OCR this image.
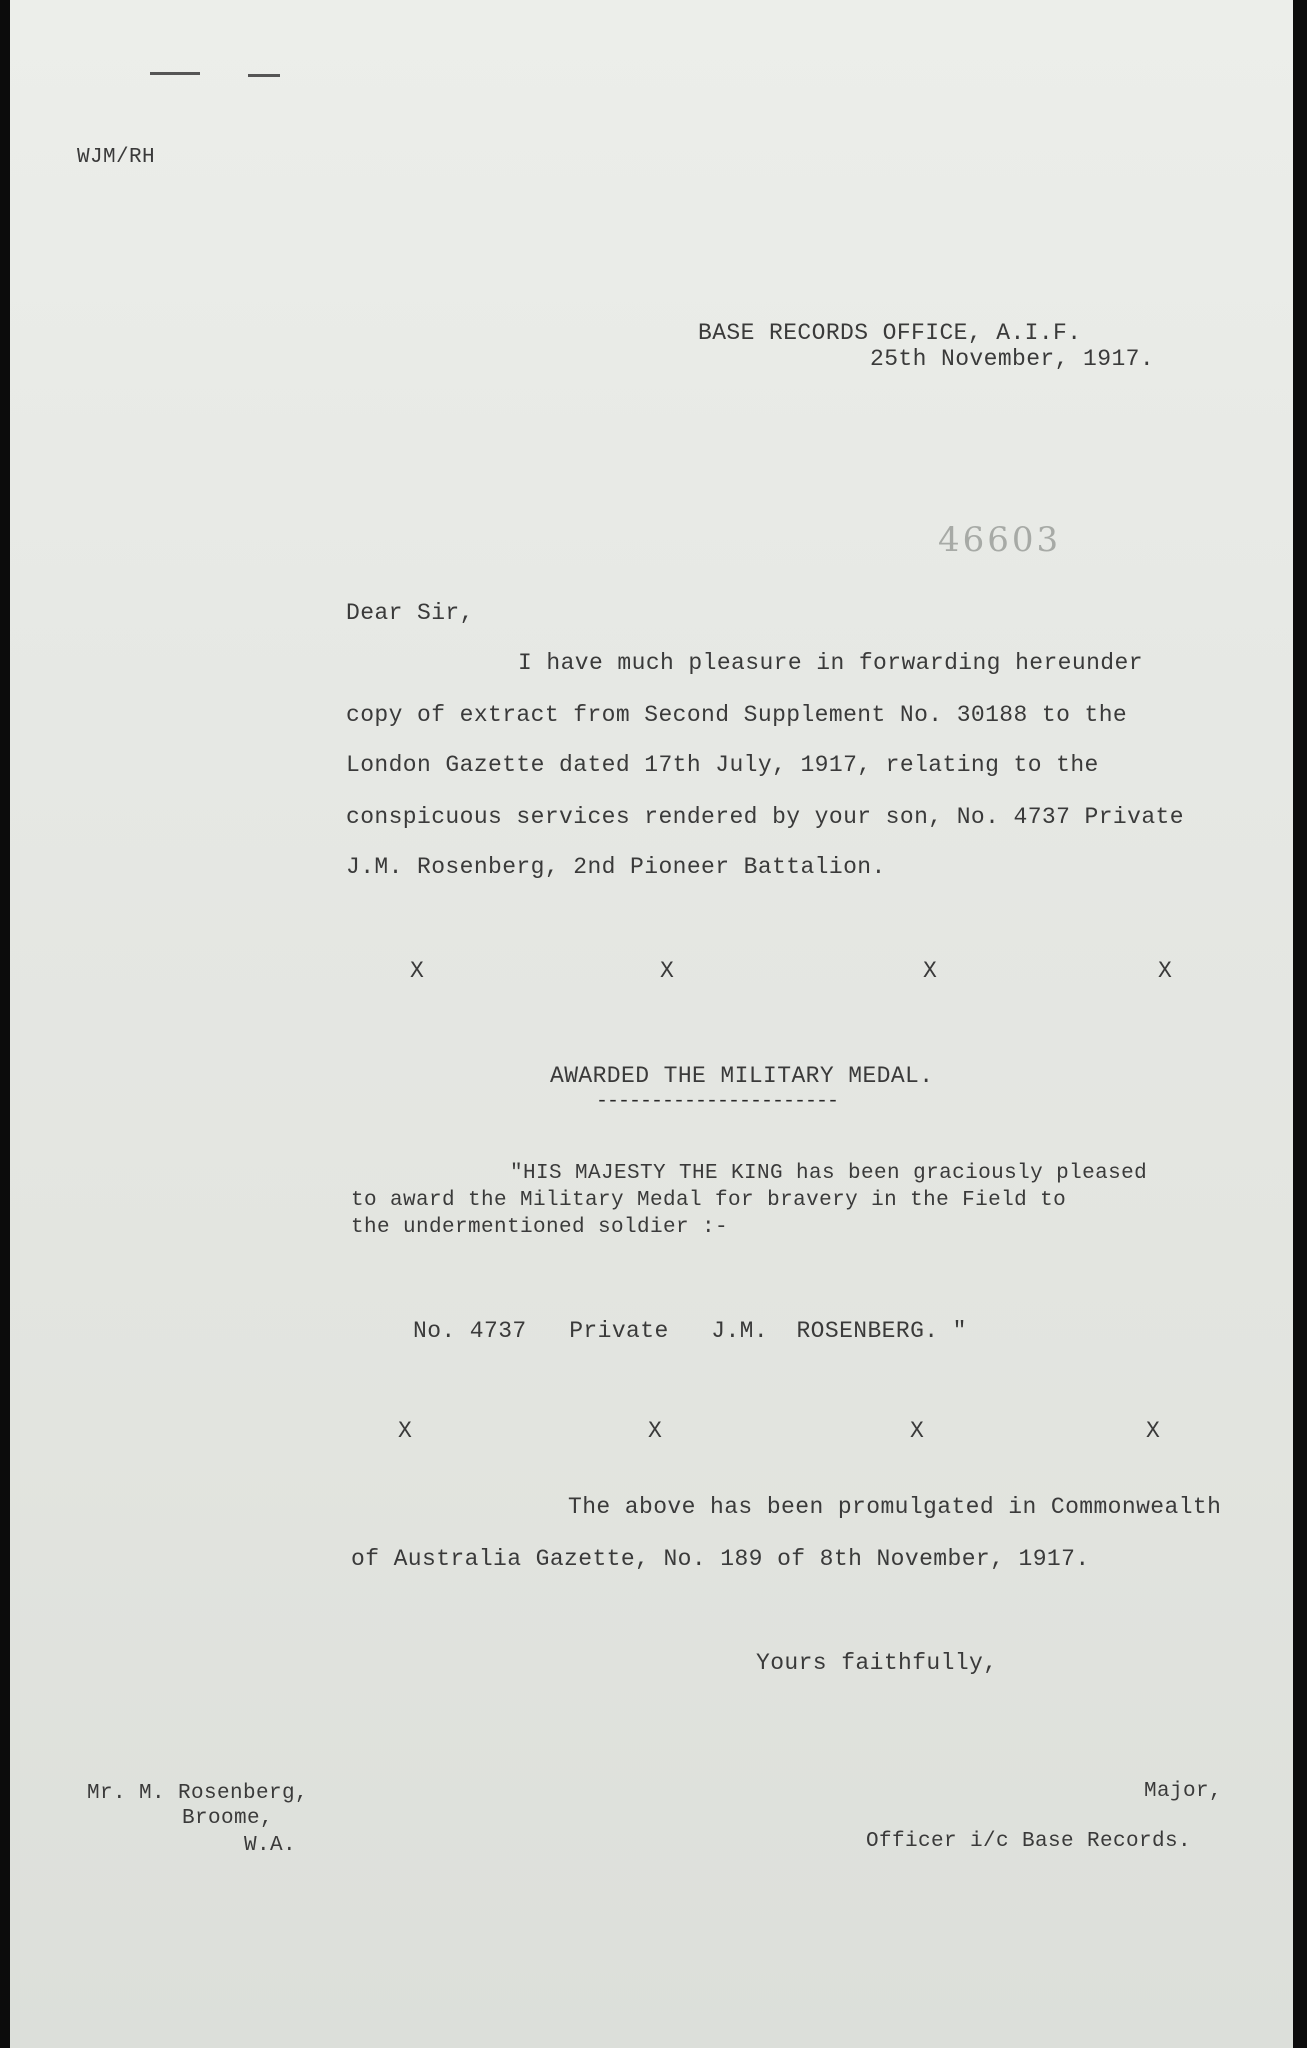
WJM/RH

BASE RECORDS OFFICE, A.I.F.

25th November, 1917.

46603

Dear Sir,

I have much pleasure in forwarding hereunder

copy of extract from Second Supplement No. 30188 to the

London Gazette dated 17th July, 1917, relating to the

conspicuous services rendered by your son, No. 4737 Private

J.M. Rosenberg, 2nd Pioneer Battalion.

X	X	X	X

AWARDED THE MILITARY MEDAL.

----------------------

"HIS MAJESTY THE KING has been graciously pleased

to award the Military Medal for bravery in the Field to

the undermentioned soldier :-

No. 4737   Private   J.M.  ROSENBERG. "

X	X	X	X

The above has been promulgated in Commonwealth

of Australia Gazette, No. 189 of 8th November, 1917.

Yours faithfully,

Mr. M. Rosenberg,

Broome,

W.A.

Major,

Officer i/c Base Records.
